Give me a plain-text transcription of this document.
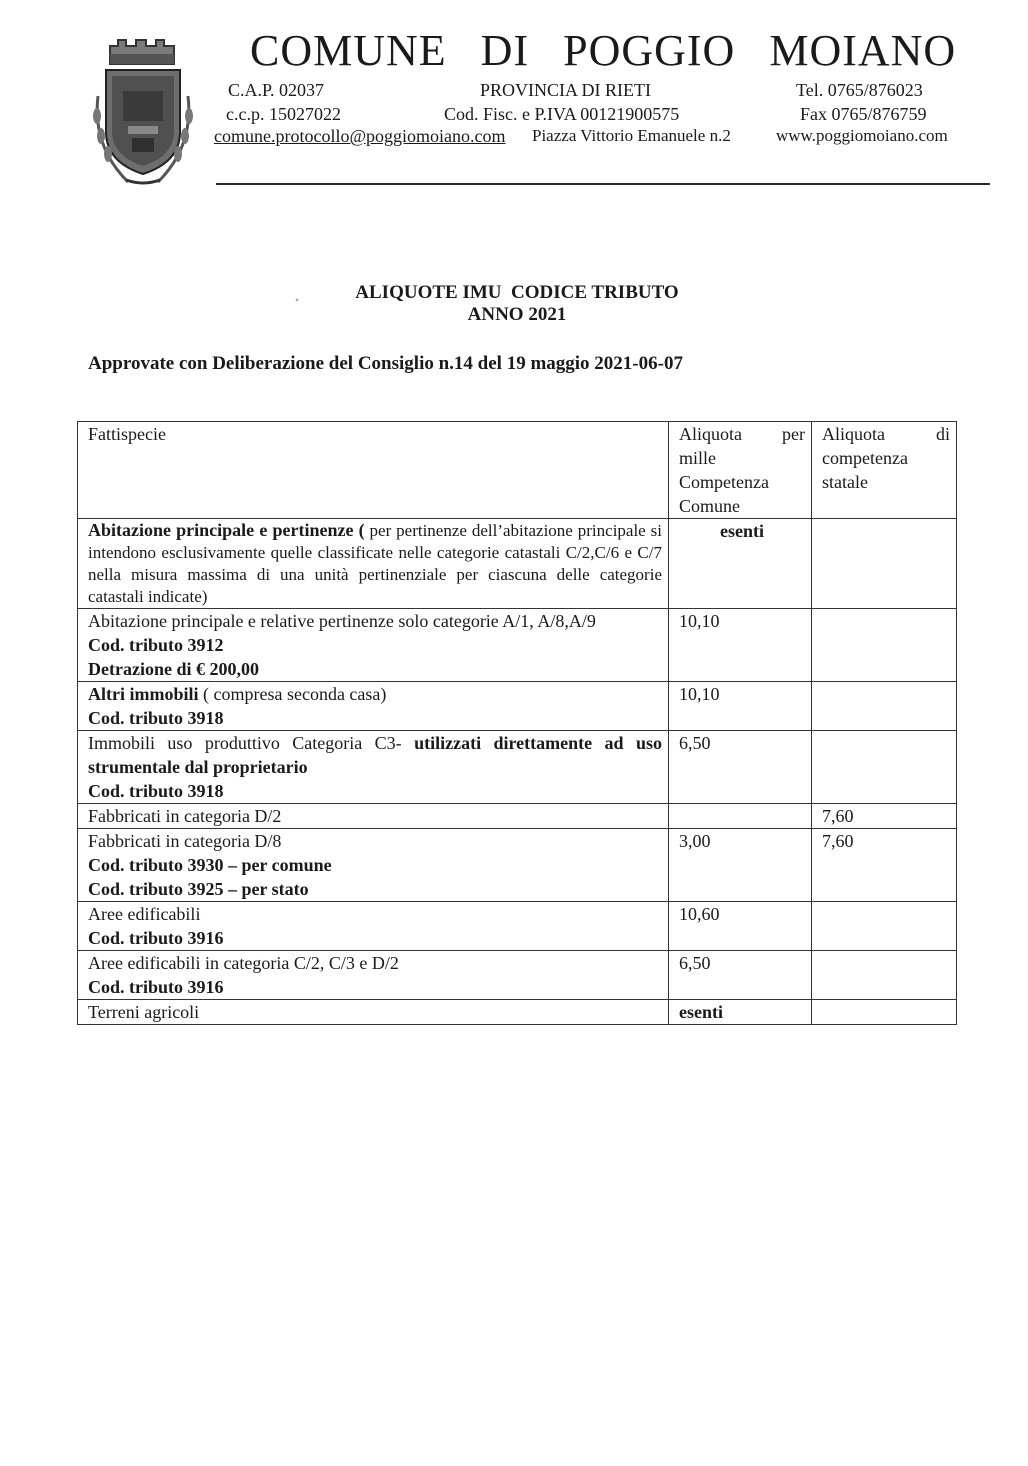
COMUNE DI POGGIO MOIANO
C.A.P. 02037	PROVINCIA DI RIETI	Tel. 0765/876023
c.c.p. 15027022	Cod. Fisc. e P.IVA 00121900575	Fax 0765/876759
comune.protocollo@poggiomoiano.com Piazza Vittorio Emanuele n.2	www.poggiomoiano.com
•	ALIQUOTE IMU  CODICE TRIBUTO
ANNO 2021
Approvate con Deliberazione del Consiglio n.14 del 19 maggio 2021-06-07
Fattispecie	Aliquota per mille Competenza Comune	Aliquota di competenza statale
Abitazione principale e pertinenze ( per pertinenze dell’abitazione principale si intendono esclusivamente quelle classificate nelle categorie catastali C/2,C/6 e C/7 nella misura massima di una unità pertinenziale per ciascuna delle categorie catastali indicate)	esenti	

Abitazione principale e relative pertinenze solo categorie A/1, A/8,A/9
Cod. tributo 3912
Detrazione di € 200,00	10,10	

Altri immobili ( compresa seconda casa)
Cod. tributo 3918	10,10	

Immobili uso produttivo Categoria C3- utilizzati direttamente ad uso strumentale dal proprietario
Cod. tributo 3918	6,50	
Fabbricati in categoria D/2		7,60

Fabbricati in categoria D/8
Cod. tributo 3930 – per comune
Cod. tributo 3925 – per stato	3,00	7,60

Aree edificabili
Cod. tributo 3916	10,60	

Aree edificabili in categoria C/2, C/3 e D/2
Cod. tributo 3916	6,50	
Terreni agricoli	esenti	
